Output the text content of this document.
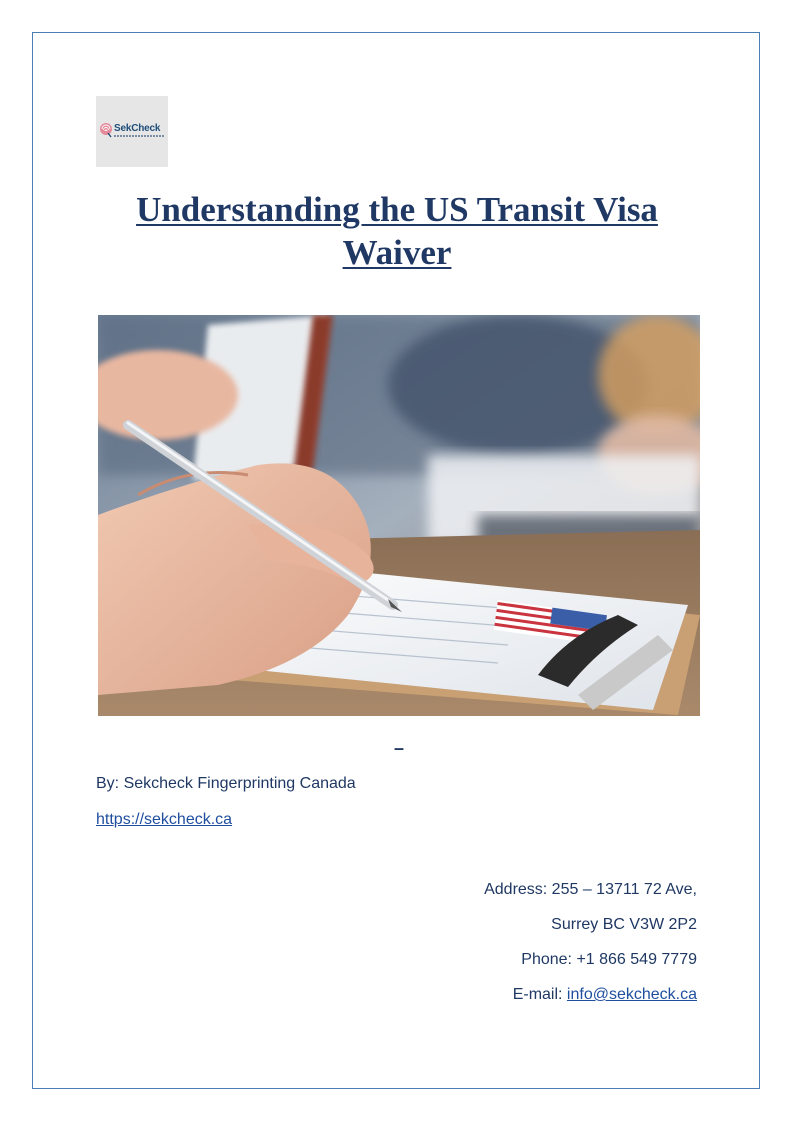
SekCheck
Understanding the US Transit Visa Waiver
–
By: Sekcheck Fingerprinting Canada
https://sekcheck.ca
Address: 255 – 13711 72 Ave,
Surrey BC V3W 2P2
Phone: +1 866 549 7779
E-mail: info@sekcheck.ca
